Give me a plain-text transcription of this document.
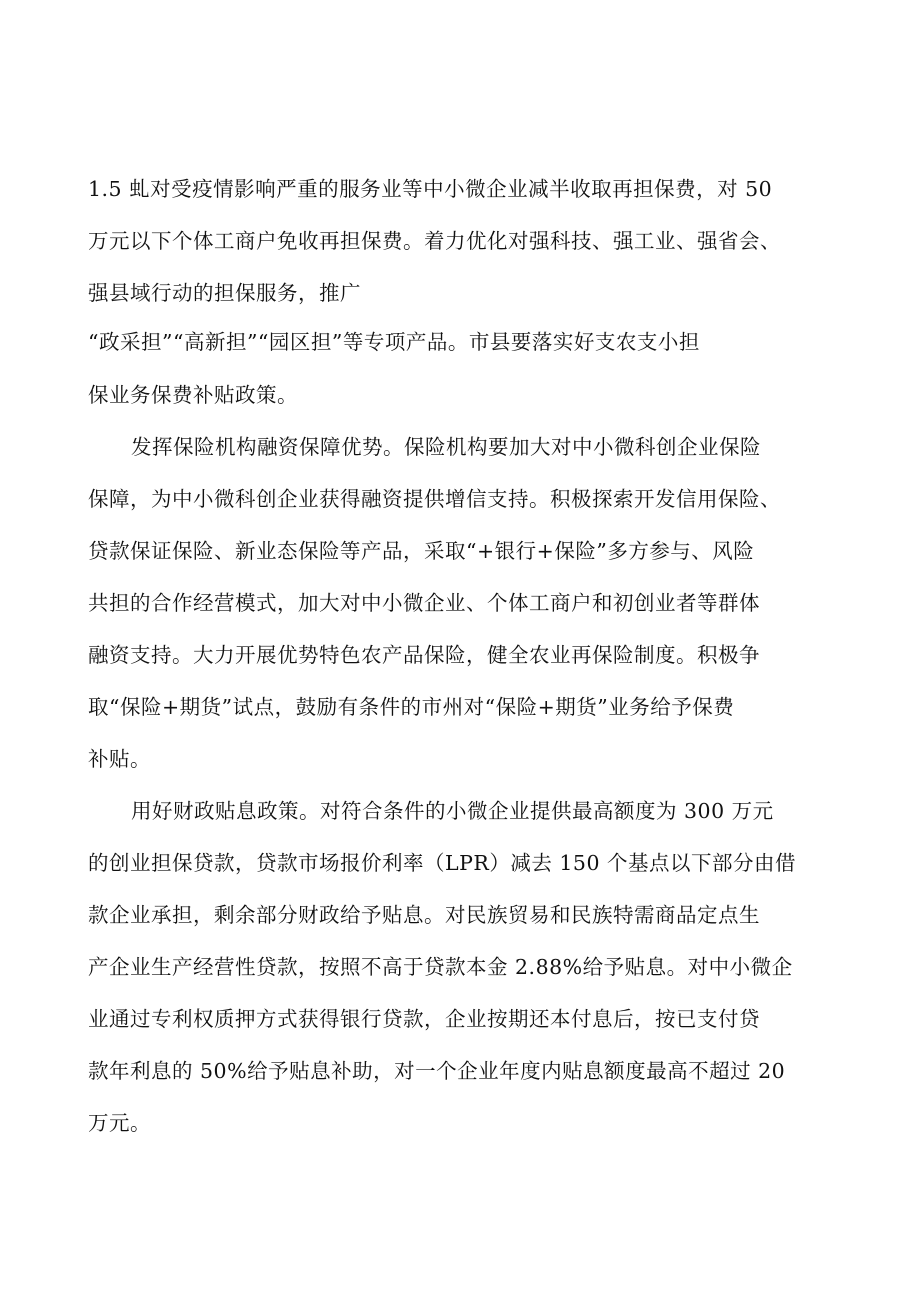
1.5 虬对受疫情影响严重的服务业等中小微企业减半收取再担保费，对 50

万元以下个体工商户免收再担保费。着力优化对强科技、强工业、强省会、

强县域行动的担保服务，推广

“政采担”“高新担”“园区担”等专项产品。市县要落实好支农支小担

保业务保费补贴政策。

发挥保险机构融资保障优势。保险机构要加大对中小微科创企业保险

保障，为中小微科创企业获得融资提供增信支持。积极探索开发信用保险、

贷款保证保险、新业态保险等产品，采取“+银行+保险”多方参与、风险

共担的合作经营模式，加大对中小微企业、个体工商户和初创业者等群体

融资支持。大力开展优势特色农产品保险，健全农业再保险制度。积极争

取“保险+期货”试点，鼓励有条件的市州对“保险+期货”业务给予保费

补贴。

用好财政贴息政策。对符合条件的小微企业提供最高额度为 300 万元

的创业担保贷款，贷款市场报价利率（LPR）减去 150 个基点以下部分由借

款企业承担，剩余部分财政给予贴息。对民族贸易和民族特需商品定点生

产企业生产经营性贷款，按照不高于贷款本金 2.88%给予贴息。对中小微企

业通过专利权质押方式获得银行贷款，企业按期还本付息后，按已支付贷

款年利息的 50%给予贴息补助，对一个企业年度内贴息额度最高不超过 20

万元。
